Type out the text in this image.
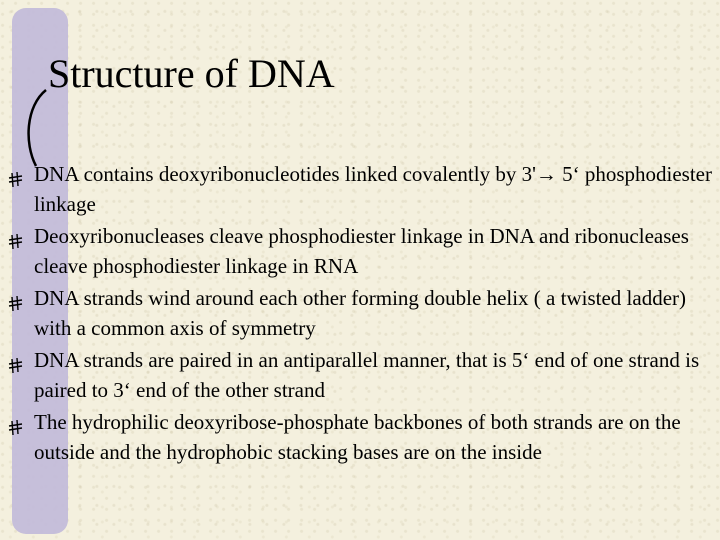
Structure of DNA
DNA contains deoxyribonucleotides linked covalently by 3'→ 5‘ phosphodiester linkage
Deoxyribonucleases cleave phosphodiester linkage in DNA and ribonucleases cleave phosphodiester linkage in RNA
DNA strands wind around each other forming double helix ( a twisted ladder) with a common axis of symmetry
DNA strands are paired in an antiparallel manner, that is 5‘ end of one strand is paired to 3‘ end of the other strand
The hydrophilic deoxyribose-phosphate backbones of both strands are on the outside and the hydrophobic stacking bases are on the inside
